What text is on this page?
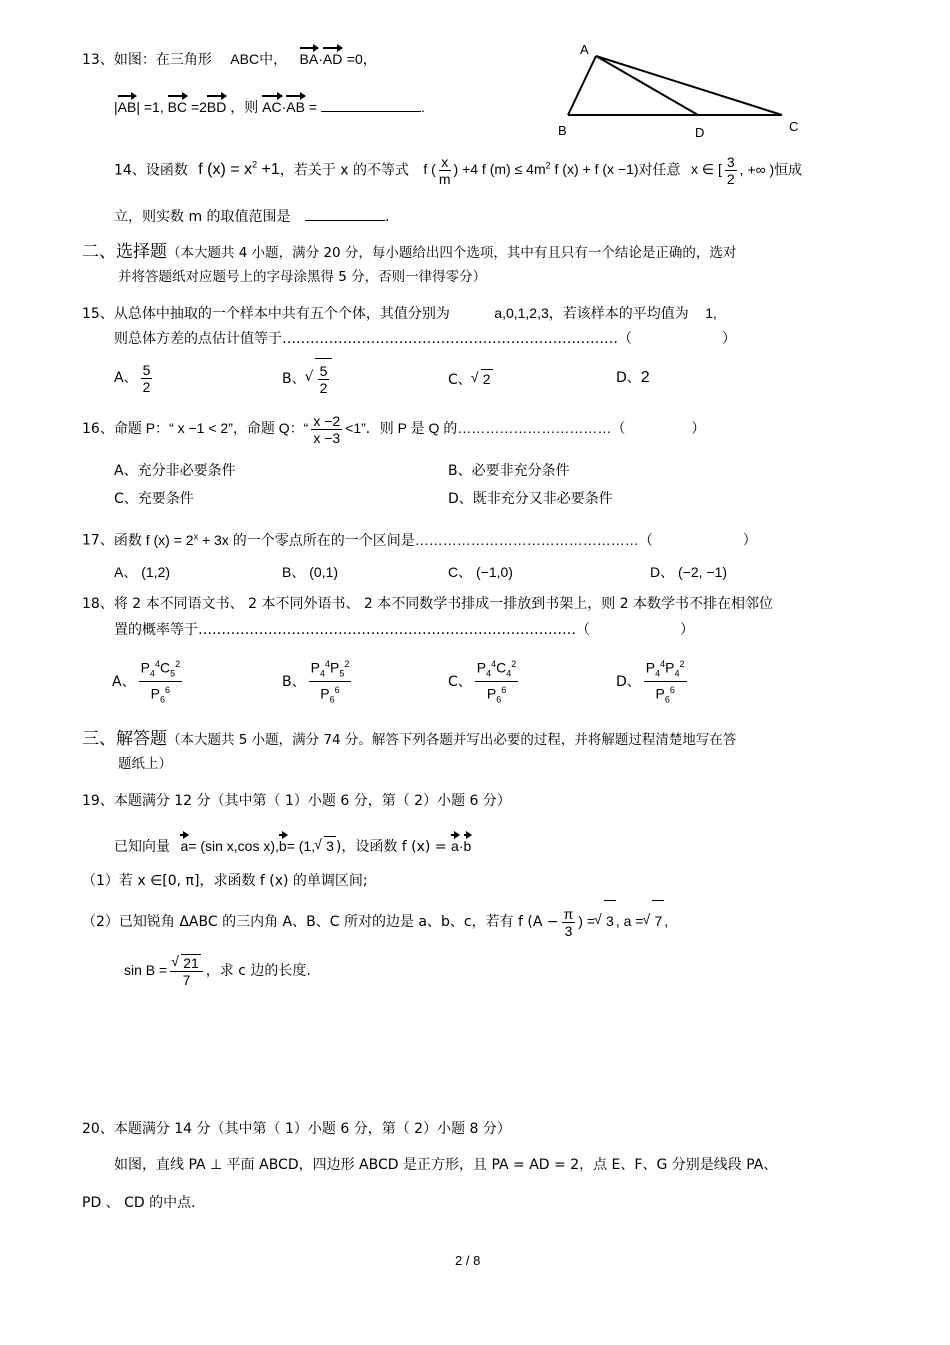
13、如图：在三角形 ABC中， BA·AD =0，
|AB| =1, BC =2BD ，则 AC·AB =	.
A
B	D	C
14、设函数 f $(x) = x^2 +1$，若关于 x 的不等式 f ( $\frac{x}{m}$ ) +4 f $(m) \le 4m^2$ f (x) + f (x −1)对任意 x ∈ [ $\frac{3}{2}$ , +∞ )恒成
立，则实数 m 的取值范围是	.
二、选择题（本大题共 4 小题，满分 20 分，每小题给出四个选项，其中有且只有一个结论是正确的，选对
并将答题纸对应题号上的字母涂黑得 5 分，否则一律得零分）
15、从总体中抽取的一个样本中共有五个个体，其值分别为	a,0,1,2,3，若该样本的平均值为 1,
则总体方差的点估计值等于………………………………………………………………（	）
A、 $\frac{5}{2}$	B、 √ $\frac{5}{2}$	C、 √ 2	D、2
16、命题 P：“ x −1 < 2”，命题 Q：“ $\frac{x -2}{x -3} <1$”．则 P 是 Q 的……………………………（	）
A、充分非必要条件	B、必要非充分条件
C、充要条件	D、既非充分又非必要条件
17、函数 f $(x) = 2^x + 3x$ 的一个零点所在的一个区间是…………………………………………（	）
A、 (1,2)	B、 (0,1)	C、 (−1,0)	D、 (−2, −1)
18、将 2 本不同语文书、 2 本不同外语书、 2 本不同数学书排成一排放到书架上，则 2 本数学书不排在相邻位
置的概率等于………………………………………………………………………（	）
A、 $\frac{P_4^4C_5^2}{P_6^6}$	B、 $\frac{P_4^4P_5^2}{P_6^6}$	C、 $\frac{P_4^4C_4^2}{P_6^6}$	D、 $\frac{P_4^4P_4^2}{P_6^6}$
三、解答题（本大题共 5 小题，满分 74 分。解答下列各题并写出必要的过程，并将解题过程清楚地写在答
题纸上）
19、本题满分 12 分（其中第（ 1）小题 6 分，第（ 2）小题 6 分）
已知向量 a= (sin x,cos x),b= (1, √ 3 )，设函数 f (x) = a·b
（1）若 x ∈[0, π]，求函数 f (x) 的单调区间;
（2）已知锐角 ΔABC 的三内角 A、B、C 所对的边是 a、b、c，若有 f ($A - \frac{\pi}{3}$ ) = √ 3 , a = √ 7 ,
sin B = √ $\frac{21}{7}$ ，求 c 边的长度.
20、本题满分 14 分（其中第（ 1）小题 6 分，第（ 2）小题 8 分）
如图，直线 PA ⊥ 平面 ABCD，四边形 ABCD 是正方形，且 PA = AD = 2，点 E、F、G 分别是线段 PA、
PD 、 CD 的中点.
2 / 8
